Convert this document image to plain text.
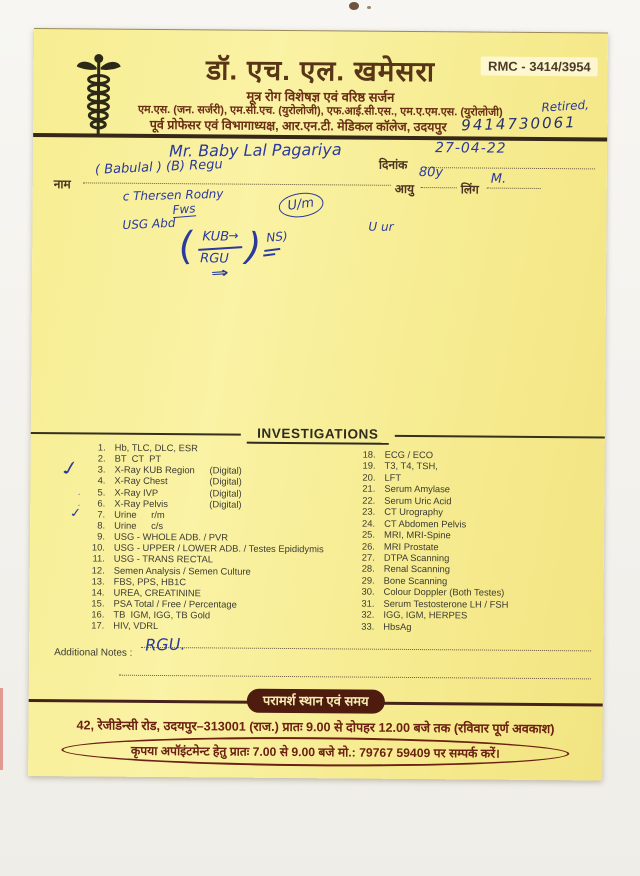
डॉ. एच. एल. खमेसरा	RMC - 3414/3954
मूत्र रोग विशेषज्ञ एवं वरिष्ठ सर्जन
एम.एस. (जन. सर्जरी), एम.सी.एच. (युरोलोजी), एफ.आई.सी.एस., एम.ए.एम.एस. (युरोलोजी)
पूर्व प्रोफेसर एवं विभागाध्यक्ष, आर.एन.टी. मेडिकल कॉलेज, उदयपुर
Retired,
9414730061
Mr. Baby Lal Pagariya
दिनांक
27-04-22
नाम
( Babulal ) (B) Regu
आयु
80y
लिंग
M.
c Thersen Rodny
Fws	U/m
USG Abd	U ur
( KUB →
RGU ) NS)
⇒
INVESTIGATIONS
1. Hb, TLC, DLC, ESR
2. BT  CT  PT
✓	3. X-Ray KUB Region (Digital)
4. X-Ray Chest	(Digital)
ˏ	5. X-Ray IVP	(Digital)
ˏ	6. X-Ray Pelvis	(Digital)
✓	7. Urine r/m
8. Urine c/s
9. USG - WHOLE ADB. / PVR
10. USG - UPPER / LOWER ADB. / Testes Epididymis
11. USG - TRANS RECTAL
12. Semen Analysis / Semen Culture
13. FBS, PPS, HB1C
14. UREA, CREATININE
15. PSA Total / Free / Percentage
16. TB  IGM, IGG, TB Gold
17. HIV, VDRL
18. ECG / ECO
19. T3, T4, TSH,
20. LFT
21. Serum Amylase
22. Serum Uric Acid
23. CT Urography
24. CT Abdomen Pelvis
25. MRI, MRI-Spine
26. MRI Prostate
27. DTPA Scanning
28. Renal Scanning
29. Bone Scanning
30. Colour Doppler (Both Testes)
31. Serum Testosterone LH / FSH
32. IGG, IGM, HERPES
33. HbsAg
Additional Notes : RGU.
परामर्श स्थान एवं समय
42, रेजीडेन्सी रोड, उदयपुर–313001 (राज.) प्रातः 9.00 से दोपहर 12.00 बजे तक (रविवार पूर्ण अवकाश)
कृपया अपॉइंटमेन्ट हेतु प्रातः 7.00 से 9.00 बजे मो.: 79767 59409 पर सम्पर्क करें।
